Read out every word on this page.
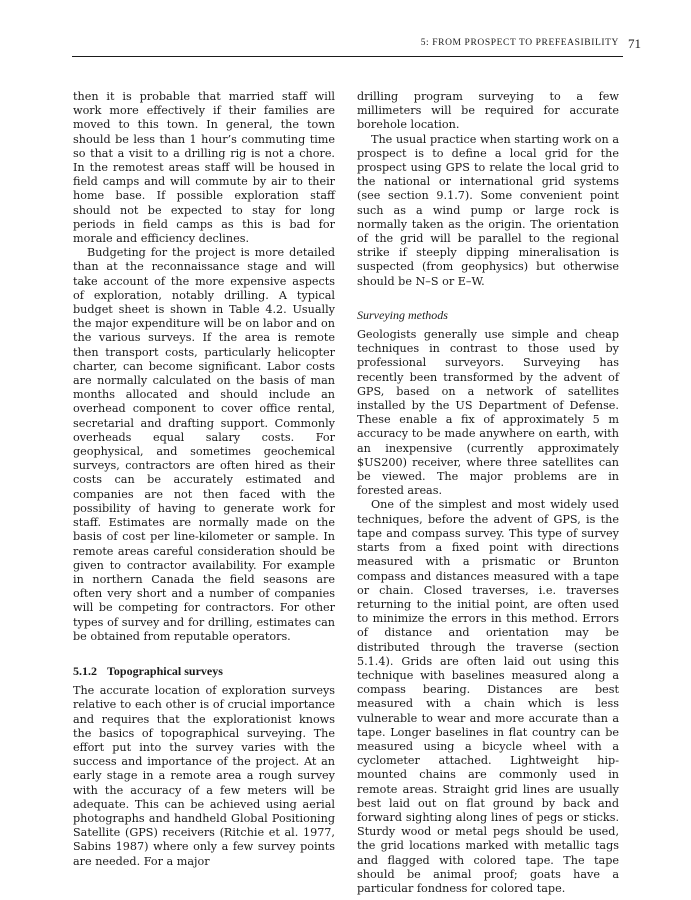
5: FROM PROSPECT TO PREFEASIBILITY 71

then it is probable that married staff will work more effectively if their families are moved to this town. In general, the town should be less than 1 hour’s commuting time so that a visit to a drilling rig is not a chore. In the remotest areas staff will be housed in field camps and will commute by air to their home base. If possible exploration staff should not be expected to stay for long periods in field camps as this is bad for morale and efficiency declines.

Budgeting for the project is more detailed than at the reconnaissance stage and will take account of the more expensive aspects of exploration, notably drilling. A typical budget sheet is shown in Table 4.2. Usually the major expenditure will be on labor and on the various surveys. If the area is remote then transport costs, particularly helicopter charter, can become significant. Labor costs are normally calculated on the basis of man months allocated and should include an overhead component to cover office rental, secretarial and drafting support. Commonly overheads equal salary costs. For geophysical, and sometimes geochemical surveys, contractors are often hired as their costs can be accurately estimated and companies are not then faced with the possibility of having to generate work for staff. Estimates are normally made on the basis of cost per line-kilometer or sample. In remote areas careful consideration should be given to contractor availability. For example in northern Canada the field seasons are often very short and a number of companies will be competing for contractors. For other types of survey and for drilling, estimates can be obtained from reputable operators.

5.1.2 Topographical surveys

The accurate location of exploration surveys relative to each other is of crucial importance and requires that the explorationist knows the basics of topographical surveying. The effort put into the survey varies with the success and importance of the project. At an early stage in a remote area a rough survey with the accuracy of a few meters will be adequate. This can be achieved using aerial photographs and handheld Global Positioning Satellite (GPS) receivers (Ritchie et al. 1977, Sabins 1987) where only a few survey points are needed. For a major

drilling program surveying to a few millimeters will be required for accurate borehole location.

The usual practice when starting work on a prospect is to define a local grid for the prospect using GPS to relate the local grid to the national or international grid systems (see section 9.1.7). Some convenient point such as a wind pump or large rock is normally taken as the origin. The orientation of the grid will be parallel to the regional strike if steeply dipping mineralisation is suspected (from geophysics) but otherwise should be N–S or E–W.

Surveying methods

Geologists generally use simple and cheap techniques in contrast to those used by professional surveyors. Surveying has recently been transformed by the advent of GPS, based on a network of satellites installed by the US Department of Defense. These enable a fix of approximately 5 m accuracy to be made anywhere on earth, with an inexpensive (currently approximately $US200) receiver, where three satellites can be viewed. The major problems are in forested areas.

One of the simplest and most widely used techniques, before the advent of GPS, is the tape and compass survey. This type of survey starts from a fixed point with directions measured with a prismatic or Brunton compass and distances measured with a tape or chain. Closed traverses, i.e. traverses returning to the initial point, are often used to minimize the errors in this method. Errors of distance and orientation may be distributed through the traverse (section 5.1.4). Grids are often laid out using this technique with baselines measured along a compass bearing. Distances are best measured with a chain which is less vulnerable to wear and more accurate than a tape. Longer baselines in flat country can be measured using a bicycle wheel with a cyclometer attached. Lightweight hip-mounted chains are commonly used in remote areas. Straight grid lines are usually best laid out on flat ground by back and forward sighting along lines of pegs or sticks. Sturdy wood or metal pegs should be used, the grid locations marked with metallic tags and flagged with colored tape. The tape should be animal proof; goats have a particular fondness for colored tape.
